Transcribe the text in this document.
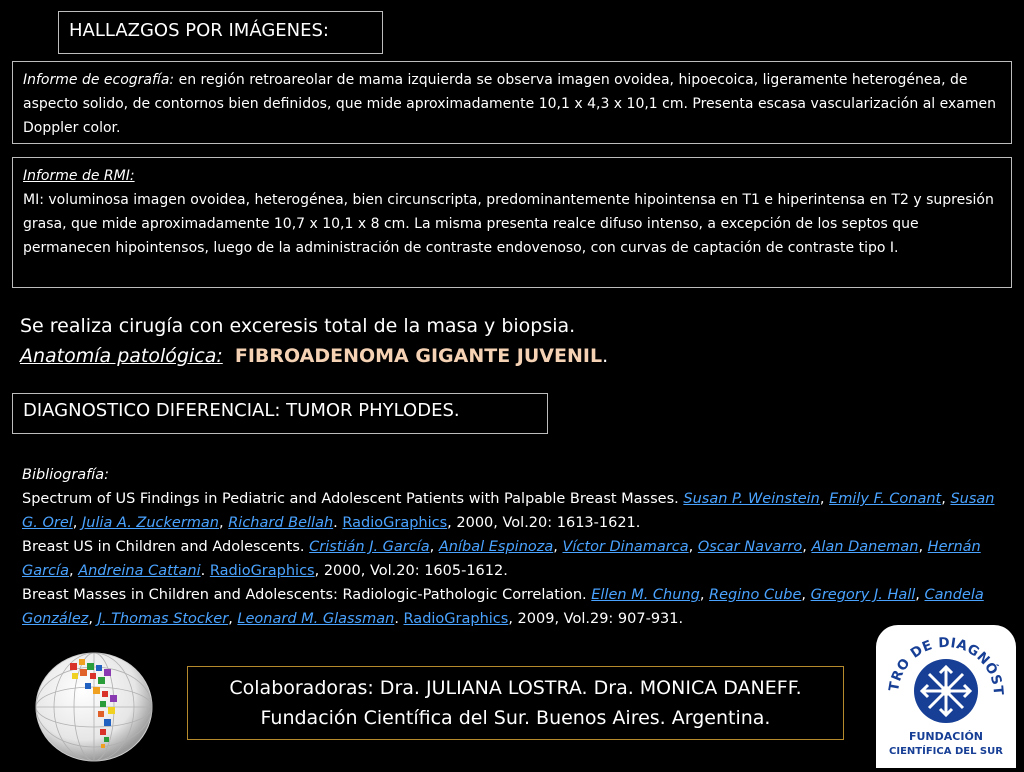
HALLAZGOS POR IMÁGENES:
Informe de ecografía: en región retroareolar de mama izquierda se observa imagen ovoidea, hipoecoica, ligeramente heterogénea, de aspecto solido, de contornos bien definidos, que mide aproximadamente 10,1 x 4,3 x 10,1 cm. Presenta escasa vascularización al examen Doppler color.
Informe de RMI:
MI: voluminosa imagen ovoidea, heterogénea, bien circunscripta, predominantemente hipointensa en T1 e hiperintensa en T2 y supresión grasa, que mide aproximadamente 10,7 x 10,1 x 8 cm. La misma presenta realce difuso intenso, a excepción de los septos que permanecen hipointensos, luego de la administración de contraste endovenoso, con curvas de captación de contraste tipo I.
Se realiza cirugía con exceresis total de la masa y biopsia.
Anatomía patológica: FIBROADENOMA GIGANTE JUVENIL.
DIAGNOSTICO DIFERENCIAL: TUMOR PHYLODES.
Bibliografía:
Spectrum of US Findings in Pediatric and Adolescent Patients with Palpable Breast Masses. Susan P. Weinstein, Emily F. Conant, Susan G. Orel, Julia A. Zuckerman, Richard Bellah. RadioGraphics, 2000, Vol.20: 1613-1621.
Breast US in Children and Adolescents. Cristián J. García, Aníbal Espinoza, Víctor Dinamarca, Oscar Navarro, Alan Daneman, Hernán García, Andreina Cattani. RadioGraphics, 2000, Vol.20: 1605-1612.
Breast Masses in Children and Adolescents: Radiologic-Pathologic Correlation. Ellen M. Chung, Regino Cube, Gregory J. Hall, Candela González, J. Thomas Stocker, Leonard M. Glassman. RadioGraphics, 2009, Vol.29: 907-931.
Colaboradoras: Dra. JULIANA LOSTRA. Dra. MONICA DANEFF.
Fundación Científica del Sur. Buenos Aires. Argentina.
TRO DE DIAGNÓST
FUNDACIÓN
CIENTÍFICA DEL SUR
